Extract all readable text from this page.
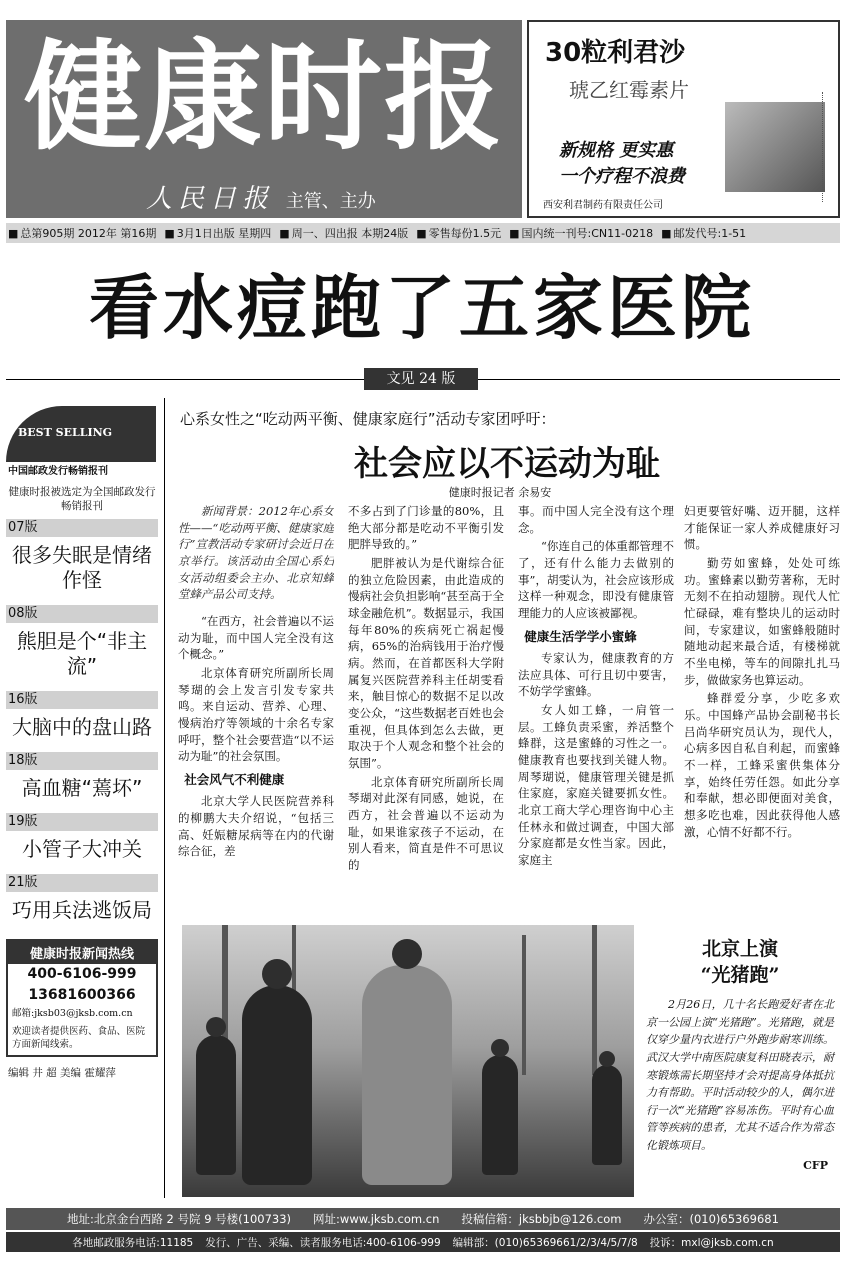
健康时报
人民日报 主管、主办
30粒利君沙
琥乙红霉素片
新规格 更实惠
一个疗程不浪费
西安利君制药有限责任公司
■ 总第905期 2012年 第16期	■ 3月1日出版 星期四	■ 周一、四出报 本期24版	■ 零售每份1.5元	■ 国内统一刊号:CN11-0218	■ 邮发代号:1-51
看水痘跑了五家医院
文见 24 版
BEST SELLING
中国邮政发行畅销报刊
健康时报被选定为全国邮政发行畅销报刊
07版
很多失眠是情绪作怪
08版
熊胆是个“非主流”
16版
大脑中的盘山路
18版
高血糖“蔫坏”
19版
小管子大冲关
21版
巧用兵法逃饭局
健康时报新闻热线
400-6106-999
13681600366
邮箱:jksb03@jksb.com.cn
欢迎读者提供医药、食品、医院方面新闻线索。
编辑 井 超 美编 霍耀萍
心系女性之“吃动两平衡、健康家庭行”活动专家团呼吁：
社会应以不运动为耻
健康时报记者 余易安

新闻背景：2012年心系女性——“吃动两平衡、健康家庭行”宣教活动专家研讨会近日在京举行。该活动由全国心系妇女活动组委会主办、北京知蜂堂蜂产品公司支持。

“在西方，社会普遍以不运动为耻，而中国人完全没有这个概念。”

北京体育研究所副所长周琴瑚的会上发言引发专家共鸣。来自运动、营养、心理、慢病治疗等领域的十余名专家呼吁，整个社会要营造“以不运动为耻”的社会氛围。

社会风气不利健康

北京大学人民医院营养科的柳鹏大夫介绍说，“包括三高、妊娠糖尿病等在内的代谢综合征，差

不多占到了门诊量的80%，且绝大部分都是吃动不平衡引发肥胖导致的。”

肥胖被认为是代谢综合征的独立危险因素，由此造成的慢病社会负担影响“甚至高于全球金融危机”。数据显示，我国每年80%的疾病死亡祸起慢病，65%的治病钱用于治疗慢病。然而，在首都医科大学附属复兴医院营养科主任胡雯看来，触目惊心的数据不足以改变公众，“这些数据老百姓也会重视，但具体到怎么去做，更取决于个人观念和整个社会的氛围”。

北京体育研究所副所长周琴瑚对此深有同感，她说，在西方，社会普遍以不运动为耻，如果谁家孩子不运动，在别人看来，简直是件不可思议的

事。而中国人完全没有这个理念。

“你连自己的体重都管理不了，还有什么能力去做别的事”，胡雯认为，社会应该形成这样一种观念，即没有健康管理能力的人应该被鄙视。

健康生活学学小蜜蜂

专家认为，健康教育的方法应具体、可行且切中要害，不妨学学蜜蜂。

女人如工蜂，一肩管一层。工蜂负责采蜜，养活整个蜂群，这是蜜蜂的习性之一。健康教育也要找到关键人物。周琴瑚说，健康管理关键是抓住家庭，家庭关键要抓女性。北京工商大学心理咨询中心主任林永和做过调查，中国大部分家庭都是女性当家。因此，家庭主

妇更要管好嘴、迈开腿，这样才能保证一家人养成健康好习惯。

勤劳如蜜蜂，处处可练功。蜜蜂素以勤劳著称，无时无刻不在拍动翅膀。现代人忙忙碌碌，难有整块儿的运动时间，专家建议，如蜜蜂般随时随地动起来最合适，有楼梯就不坐电梯，等车的间隙扎扎马步，做做家务也算运动。

蜂群爱分享，少吃多欢乐。中国蜂产品协会副秘书长吕尚华研究员认为，现代人，心病多因自私自利起，而蜜蜂不一样，工蜂采蜜供集体分享，始终任劳任怨。如此分享和奉献，想必即便面对美食，想多吃也难，因此获得他人感激，心情不好都不行。

北京上演
“光猪跑”

2月26日，几十名长跑爱好者在北京一公园上演“光猪跑”。光猪跑，就是仅穿少量内衣进行户外跑步耐寒训练。武汉大学中南医院康复科田晓表示，耐寒锻炼需长期坚持才会对提高身体抵抗力有帮助。平时活动较少的人，偶尔进行一次“光猪跑”容易冻伤。平时有心血管等疾病的患者，尤其不适合作为常态化锻炼项目。

CFP

地址:北京金台西路 2 号院 9 号楼(100733) 网址:www.jksb.com.cn 投稿信箱：jksbbjb@126.com 办公室：(010)65369681
各地邮政服务电话:11185 发行、广告、采编、读者服务电话:400-6106-999 编辑部：(010)65369661/2/3/4/5/7/8 投诉：mxl@jksb.com.cn
